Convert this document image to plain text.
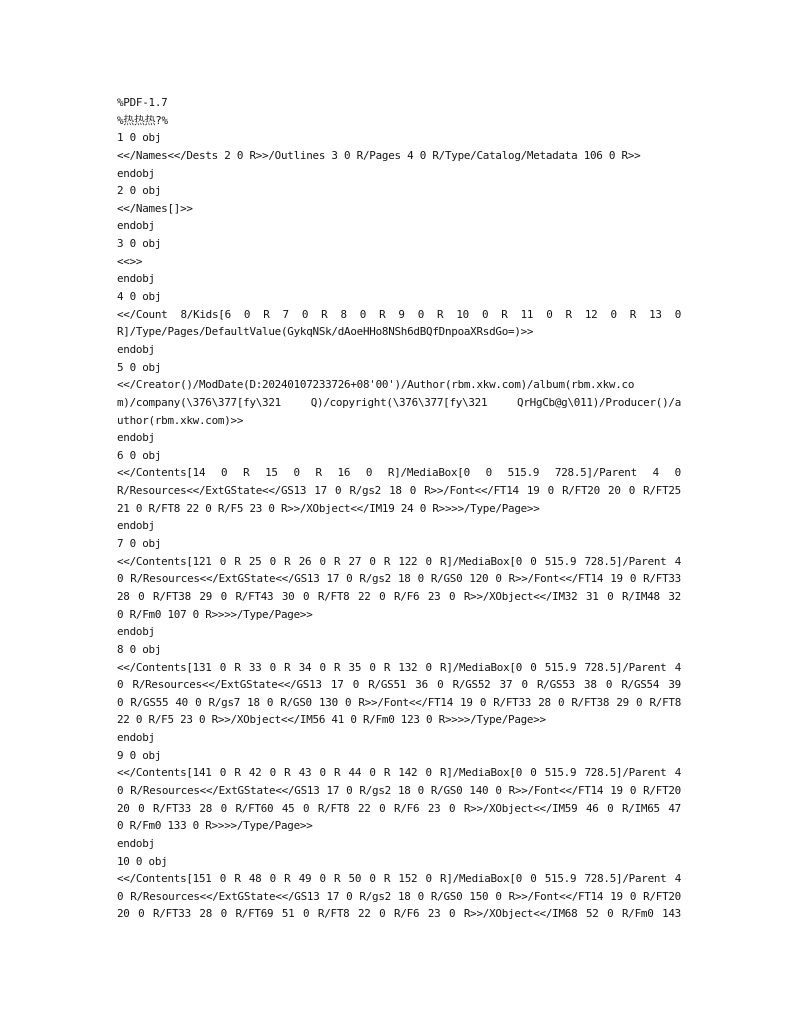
%PDF-1.7
%热热热?%
1 0 obj
<</Names<</Dests 2 0 R>>/Outlines 3 0 R/Pages 4 0 R/Type/Catalog/Metadata 106 0 R>>
endobj
2 0 obj
<</Names[]>>
endobj
3 0 obj
<<>>
endobj
4 0 obj
<</Count 8/Kids[6 0 R 7 0 R 8 0 R 9 0 R 10 0 R 11 0 R 12 0 R 13 0
R]/Type/Pages/DefaultValue(GykqNSk/dAoeHHo8NSh6dBQfDnpoaXRsdGo=)>>
endobj
5 0 obj
<</Creator()/ModDate(D:20240107233726+08'00')/Author(rbm.xkw.com)/album(rbm.xkw.co
m)/company(\376\377[fy\321 Q)/copyright(\376\377[fy\321 QrHgCb@g\011)/Producer()/a
uthor(rbm.xkw.com)>>
endobj
6 0 obj
<</Contents[14 0 R 15 0 R 16 0 R]/MediaBox[0 0 515.9 728.5]/Parent 4 0
R/Resources<</ExtGState<</GS13 17 0 R/gs2 18 0 R>>/Font<</FT14 19 0 R/FT20 20 0 R/FT25
21 0 R/FT8 22 0 R/F5 23 0 R>>/XObject<</IM19 24 0 R>>>>/Type/Page>>
endobj
7 0 obj
<</Contents[121 0 R 25 0 R 26 0 R 27 0 R 122 0 R]/MediaBox[0 0 515.9 728.5]/Parent 4
0 R/Resources<</ExtGState<</GS13 17 0 R/gs2 18 0 R/GS0 120 0 R>>/Font<</FT14 19 0 R/FT33
28 0 R/FT38 29 0 R/FT43 30 0 R/FT8 22 0 R/F6 23 0 R>>/XObject<</IM32 31 0 R/IM48 32
0 R/Fm0 107 0 R>>>>/Type/Page>>
endobj
8 0 obj
<</Contents[131 0 R 33 0 R 34 0 R 35 0 R 132 0 R]/MediaBox[0 0 515.9 728.5]/Parent 4
0 R/Resources<</ExtGState<</GS13 17 0 R/GS51 36 0 R/GS52 37 0 R/GS53 38 0 R/GS54 39
0 R/GS55 40 0 R/gs7 18 0 R/GS0 130 0 R>>/Font<</FT14 19 0 R/FT33 28 0 R/FT38 29 0 R/FT8
22 0 R/F5 23 0 R>>/XObject<</IM56 41 0 R/Fm0 123 0 R>>>>/Type/Page>>
endobj
9 0 obj
<</Contents[141 0 R 42 0 R 43 0 R 44 0 R 142 0 R]/MediaBox[0 0 515.9 728.5]/Parent 4
0 R/Resources<</ExtGState<</GS13 17 0 R/gs2 18 0 R/GS0 140 0 R>>/Font<</FT14 19 0 R/FT20
20 0 R/FT33 28 0 R/FT60 45 0 R/FT8 22 0 R/F6 23 0 R>>/XObject<</IM59 46 0 R/IM65 47
0 R/Fm0 133 0 R>>>>/Type/Page>>
endobj
10 0 obj
<</Contents[151 0 R 48 0 R 49 0 R 50 0 R 152 0 R]/MediaBox[0 0 515.9 728.5]/Parent 4
0 R/Resources<</ExtGState<</GS13 17 0 R/gs2 18 0 R/GS0 150 0 R>>/Font<</FT14 19 0 R/FT20
20 0 R/FT33 28 0 R/FT69 51 0 R/FT8 22 0 R/F6 23 0 R>>/XObject<</IM68 52 0 R/Fm0 143
